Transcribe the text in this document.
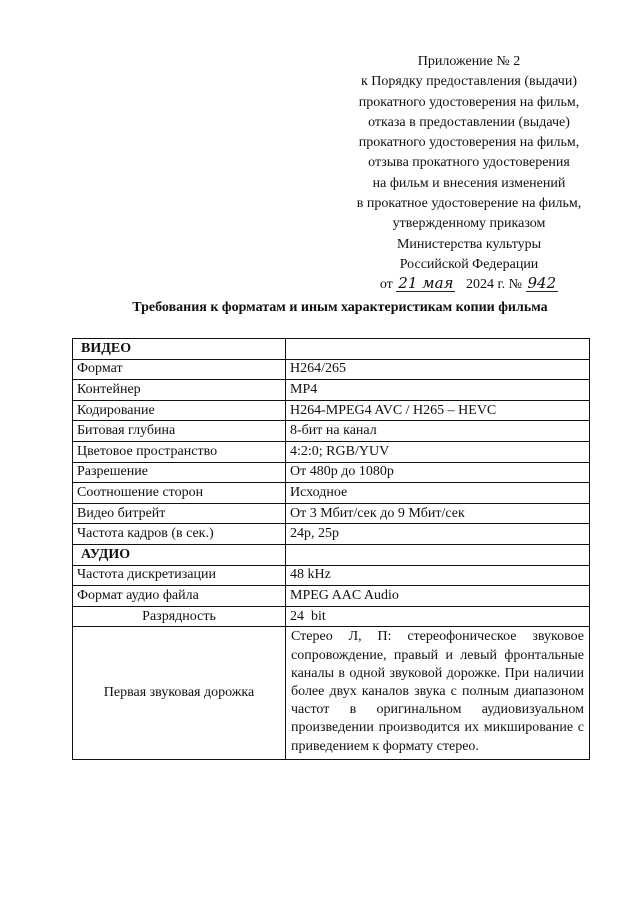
Приложение № 2
к Порядку предоставления (выдачи)
прокатного удостоверения на фильм,
отказа в предоставлении (выдаче)
прокатного удостоверения на фильм,
отзыва прокатного удостоверения
на фильм и внесения изменений
в прокатное удостоверение на фильм,
утвержденному приказом
Министерства культуры
Российской Федерации
от 21 мая 2024 г. № 942
Требования к форматам и иным характеристикам копии фильма
ВИДЕО	
Формат	H264/265
Контейнер	MP4
Кодирование	H264-MPEG4 AVC / H265 – HEVC
Битовая глубина	8-бит на канал
Цветовое пространство	4:2:0; RGB/YUV
Разрешение	От 480p до 1080p
Соотношение сторон	Исходное
Видео битрейт	От 3 Мбит/сек до 9 Мбит/сек
Частота кадров (в сек.)	24p, 25p
АУДИО	
Частота дискретизации	48 kHz
Формат аудио файла	MPEG AAC Audio
Разрядность	24  bit
Первая звуковая дорожка	Стерео Л, П: стереофоническое звуковое сопровождение, правый и левый фронтальные каналы в одной звуковой дорожке. При наличии более двух каналов звука с полным диапазоном частот в оригинальном аудиовизуальном произведении производится их микширование с приведением к формату стерео.
